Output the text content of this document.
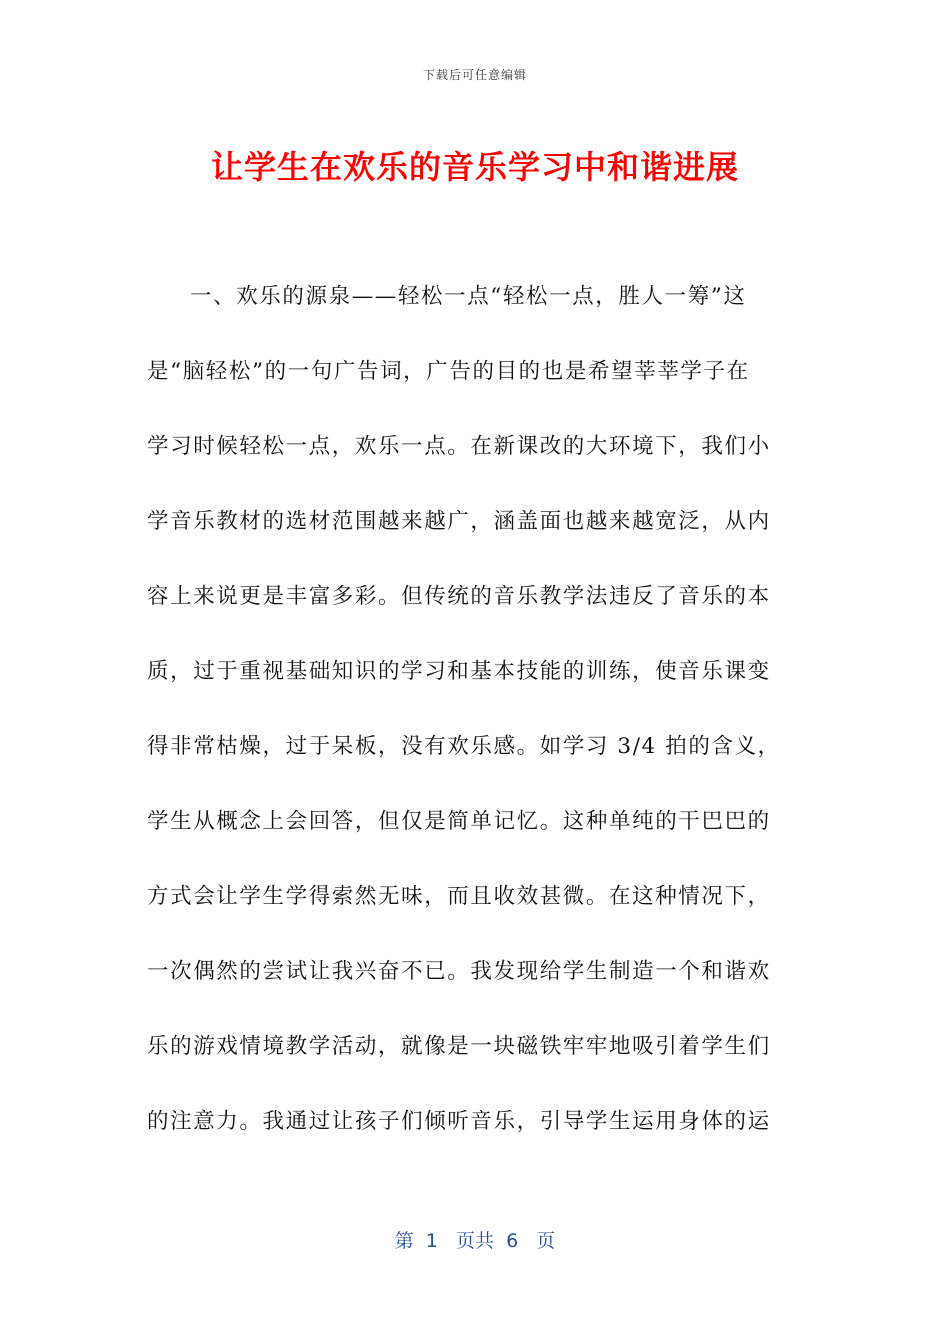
下载后可任意编辑
让学生在欢乐的音乐学习中和谐进展
一、欢乐的源泉——轻松一点“轻松一点，胜人一筹”这
是“脑轻松”的一句广告词，广告的目的也是希望莘莘学子在
学习时候轻松一点，欢乐一点。在新课改的大环境下，我们小
学音乐教材的选材范围越来越广，涵盖面也越来越宽泛，从内
容上来说更是丰富多彩。但传统的音乐教学法违反了音乐的本
质，过于重视基础知识的学习和基本技能的训练，使音乐课变
得非常枯燥，过于呆板，没有欢乐感。如学习 3/4 拍的含义，
学生从概念上会回答，但仅是简单记忆。这种单纯的干巴巴的
方式会让学生学得索然无味，而且收效甚微。在这种情况下，
一次偶然的尝试让我兴奋不已。我发现给学生制造一个和谐欢
乐的游戏情境教学活动，就像是一块磁铁牢牢地吸引着学生们
的注意力。我通过让孩子们倾听音乐，引导学生运用身体的运
第  1   页共  6   页
